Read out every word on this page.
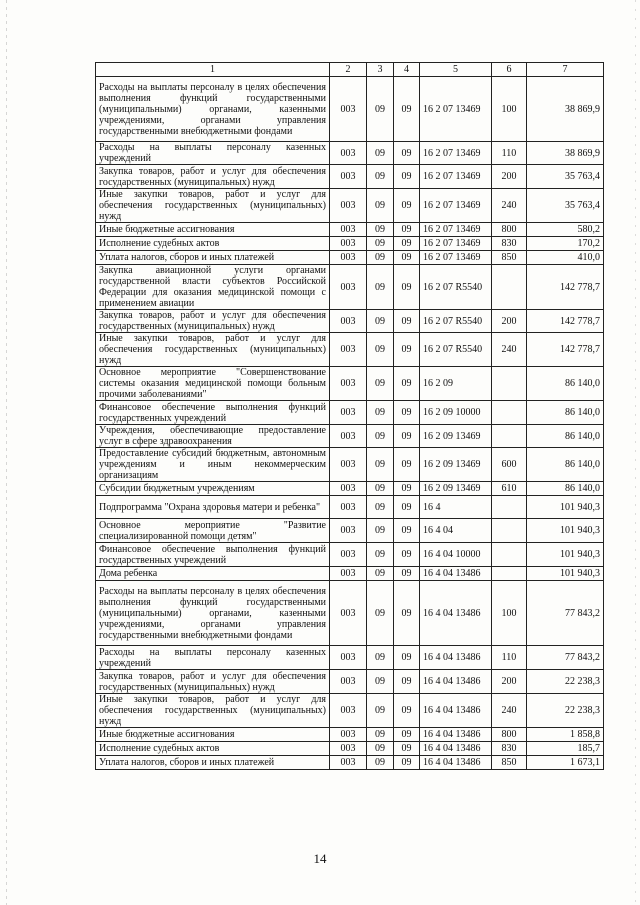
1	2	3	4	5	6	7
Расходы на выплаты персоналу в целях обеспечения выполнения функций государственными (муниципальными) органами, казенными учреждениями, органами управления государственными внебюджетными фондами	003	09	09	16 2 07 13469	100	38 869,9
Расходы на выплаты персоналу казенных учреждений	003	09	09	16 2 07 13469	110	38 869,9
Закупка товаров, работ и услуг для обеспечения государственных (муниципальных) нужд	003	09	09	16 2 07 13469	200	35 763,4
Иные закупки товаров, работ и услуг для обеспечения государственных (муниципальных) нужд	003	09	09	16 2 07 13469	240	35 763,4
Иные бюджетные ассигнования	003	09	09	16 2 07 13469	800	580,2
Исполнение судебных актов	003	09	09	16 2 07 13469	830	170,2
Уплата налогов, сборов и иных платежей	003	09	09	16 2 07 13469	850	410,0
Закупка авиационной услуги органами государственной власти субъектов Российской Федерации для оказания медицинской помощи с применением авиации	003	09	09	16 2 07 R5540		142 778,7
Закупка товаров, работ и услуг для обеспечения государственных (муниципальных) нужд	003	09	09	16 2 07 R5540	200	142 778,7
Иные закупки товаров, работ и услуг для обеспечения государственных (муниципальных) нужд	003	09	09	16 2 07 R5540	240	142 778,7
Основное мероприятие "Совершенствование системы оказания медицинской помощи больным прочими заболеваниями"	003	09	09	16 2 09		86 140,0
Финансовое обеспечение выполнения функций государственных учреждений	003	09	09	16 2 09 10000		86 140,0
Учреждения, обеспечивающие предоставление услуг в сфере здравоохранения	003	09	09	16 2 09 13469		86 140,0
Предоставление субсидий бюджетным, автономным учреждениям и иным некоммерческим организациям	003	09	09	16 2 09 13469	600	86 140,0
Субсидии бюджетным учреждениям	003	09	09	16 2 09 13469	610	86 140,0
Подпрограмма "Охрана здоровья матери и ребенка"	003	09	09	16 4		101 940,3
Основное мероприятие "Развитие специализированной помощи детям"	003	09	09	16 4 04		101 940,3
Финансовое обеспечение выполнения функций государственных учреждений	003	09	09	16 4 04 10000		101 940,3
Дома ребенка	003	09	09	16 4 04 13486		101 940,3
Расходы на выплаты персоналу в целях обеспечения выполнения функций государственными (муниципальными) органами, казенными учреждениями, органами управления государственными внебюджетными фондами	003	09	09	16 4 04 13486	100	77 843,2
Расходы на выплаты персоналу казенных учреждений	003	09	09	16 4 04 13486	110	77 843,2
Закупка товаров, работ и услуг для обеспечения государственных (муниципальных) нужд	003	09	09	16 4 04 13486	200	22 238,3
Иные закупки товаров, работ и услуг для обеспечения государственных (муниципальных) нужд	003	09	09	16 4 04 13486	240	22 238,3
Иные бюджетные ассигнования	003	09	09	16 4 04 13486	800	1 858,8
Исполнение судебных актов	003	09	09	16 4 04 13486	830	185,7
Уплата налогов, сборов и иных платежей	003	09	09	16 4 04 13486	850	1 673,1
14
